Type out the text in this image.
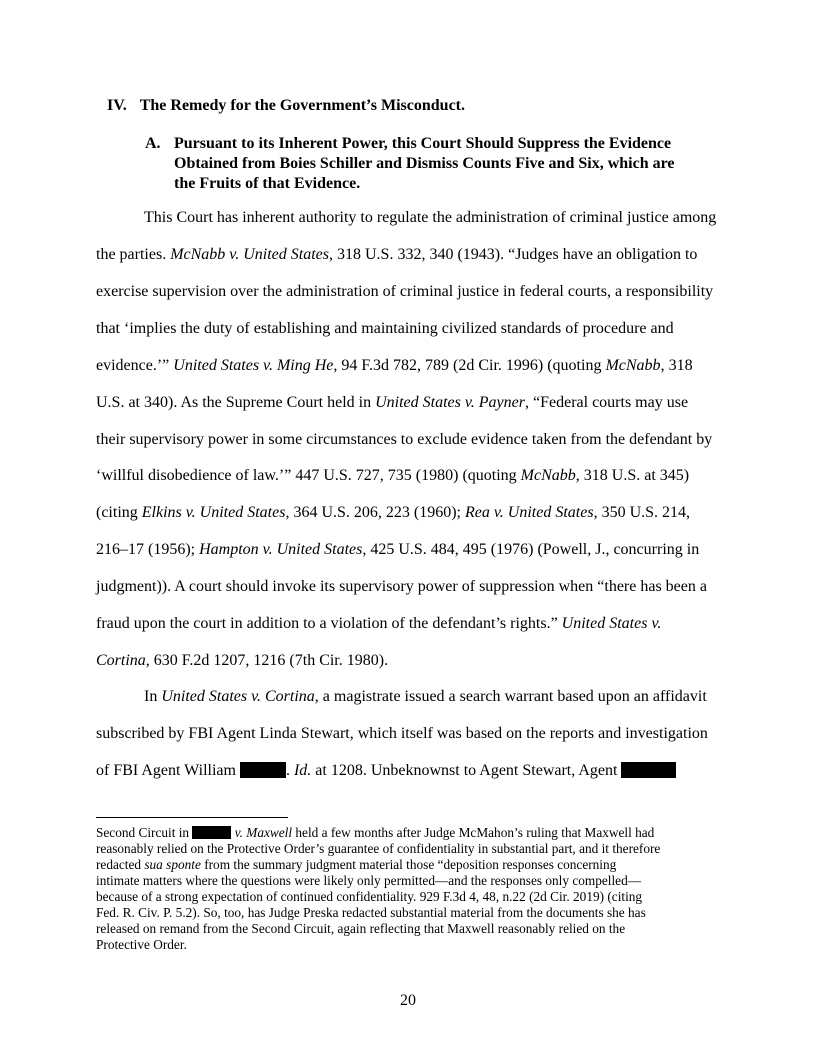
IV. The Remedy for the Government’s Misconduct.
A. Pursuant to its Inherent Power, this Court Should Suppress the Evidence
Obtained from Boies Schiller and Dismiss Counts Five and Six, which are
the Fruits of that Evidence.
This Court has inherent authority to regulate the administration of criminal justice among
the parties. McNabb v. United States, 318 U.S. 332, 340 (1943). “Judges have an obligation to
exercise supervision over the administration of criminal justice in federal courts, a responsibility
that ‘implies the duty of establishing and maintaining civilized standards of procedure and
evidence.’” United States v. Ming He, 94 F.3d 782, 789 (2d Cir. 1996) (quoting McNabb, 318
U.S. at 340). As the Supreme Court held in United States v. Payner, “Federal courts may use
their supervisory power in some circumstances to exclude evidence taken from the defendant by
‘willful disobedience of law.’” 447 U.S. 727, 735 (1980) (quoting McNabb, 318 U.S. at 345)
(citing Elkins v. United States, 364 U.S. 206, 223 (1960); Rea v. United States, 350 U.S. 214,
216–17 (1956); Hampton v. United States, 425 U.S. 484, 495 (1976) (Powell, J., concurring in
judgment)). A court should invoke its supervisory power of suppression when “there has been a
fraud upon the court in addition to a violation of the defendant’s rights.” United States v.
Cortina, 630 F.2d 1207, 1216 (7th Cir. 1980).
In United States v. Cortina, a magistrate issued a search warrant based upon an affidavit
subscribed by FBI Agent Linda Stewart, which itself was based on the reports and investigation
of FBI Agent William	. Id. at 1208. Unbeknownst to Agent Stewart, Agent
Second Circuit in	v. Maxwell held a few months after Judge McMahon’s ruling that Maxwell had
reasonably relied on the Protective Order’s guarantee of confidentiality in substantial part, and it therefore
redacted sua sponte from the summary judgment material those “deposition responses concerning
intimate matters where the questions were likely only permitted—and the responses only compelled—
because of a strong expectation of continued confidentiality. 929 F.3d 4, 48, n.22 (2d Cir. 2019) (citing
Fed. R. Civ. P. 5.2). So, too, has Judge Preska redacted substantial material from the documents she has
released on remand from the Second Circuit, again reflecting that Maxwell reasonably relied on the
Protective Order.
20
